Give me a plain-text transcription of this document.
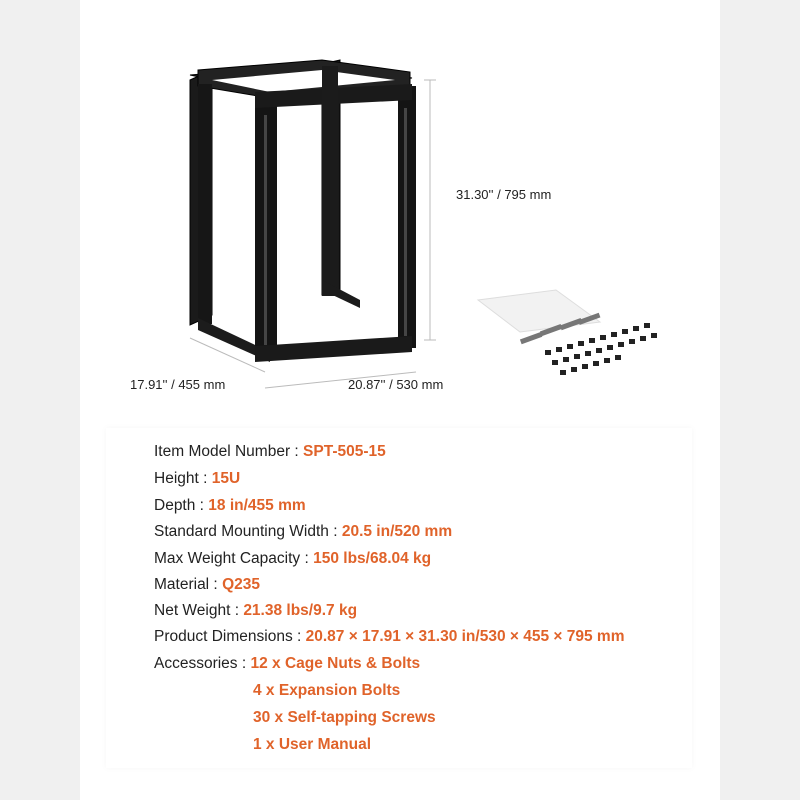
31.30'' / 795 mm
17.91'' / 455 mm	20.87'' / 530 mm
Item Model Number : SPT-505-15
Height : 15U
Depth : 18 in/455 mm
Standard Mounting Width : 20.5 in/520 mm
Max Weight Capacity : 150 lbs/68.04 kg
Material : Q235
Net Weight : 21.38 lbs/9.7 kg
Product Dimensions : 20.87 × 17.91 × 31.30 in/530 × 455 × 795 mm
Accessories : 12 x Cage Nuts & Bolts
4 x Expansion Bolts
30 x Self-tapping Screws
1 x User Manual
